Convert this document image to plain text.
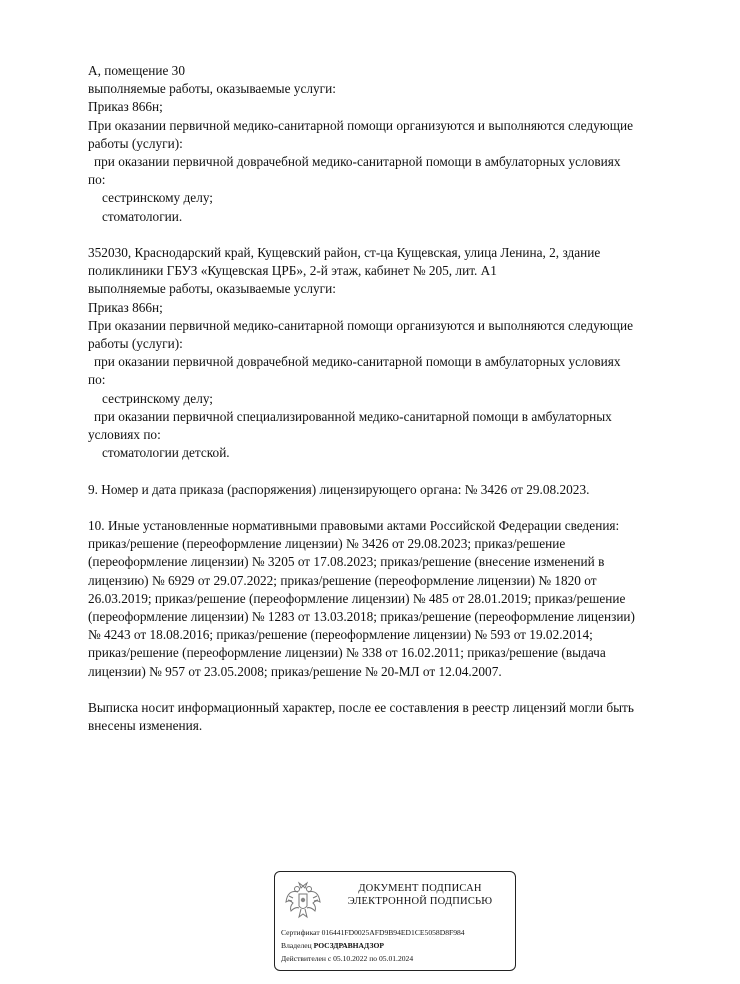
А, помещение 30
выполняемые работы, оказываемые услуги:
Приказ 866н;
При оказании первичной медико-санитарной помощи организуются и выполняются следующие
работы (услуги):
при оказании первичной доврачебной медико-санитарной помощи в амбулаторных условиях
по:
сестринскому делу;
стоматологии.
352030, Краснодарский край, Кущевский район, ст-ца Кущевская, улица Ленина, 2, здание
поликлиники ГБУЗ «Кущевская ЦРБ», 2-й этаж, кабинет № 205, лит. А1
выполняемые работы, оказываемые услуги:
Приказ 866н;
При оказании первичной медико-санитарной помощи организуются и выполняются следующие
работы (услуги):
при оказании первичной доврачебной медико-санитарной помощи в амбулаторных условиях
по:
сестринскому делу;
при оказании первичной специализированной медико-санитарной помощи в амбулаторных
условиях по:
стоматологии детской.
9. Номер и дата приказа (распоряжения) лицензирующего органа: № 3426 от 29.08.2023.
10. Иные установленные нормативными правовыми актами Российской Федерации сведения:
приказ/решение (переоформление лицензии) № 3426 от 29.08.2023; приказ/решение
(переоформление лицензии) № 3205 от 17.08.2023; приказ/решение (внесение изменений в
лицензию) № 6929 от 29.07.2022; приказ/решение (переоформление лицензии) № 1820 от
26.03.2019; приказ/решение (переоформление лицензии) № 485 от 28.01.2019; приказ/решение
(переоформление лицензии) № 1283 от 13.03.2018; приказ/решение (переоформление лицензии)
№ 4243 от 18.08.2016; приказ/решение (переоформление лицензии) № 593 от 19.02.2014;
приказ/решение (переоформление лицензии) № 338 от 16.02.2011; приказ/решение (выдача
лицензии) № 957 от 23.05.2008; приказ/решение № 20-МЛ от 12.04.2007.
Выписка носит информационный характер, после ее составления в реестр лицензий могли быть
внесены изменения.
ДОКУМЕНТ ПОДПИСАН
ЭЛЕКТРОННОЙ ПОДПИСЬЮ
Сертификат 016441FD0025AFD9B94ED1CE5058D8F984
Владелец РОСЗДРАВНАДЗОР
Действителен с 05.10.2022 по 05.01.2024
